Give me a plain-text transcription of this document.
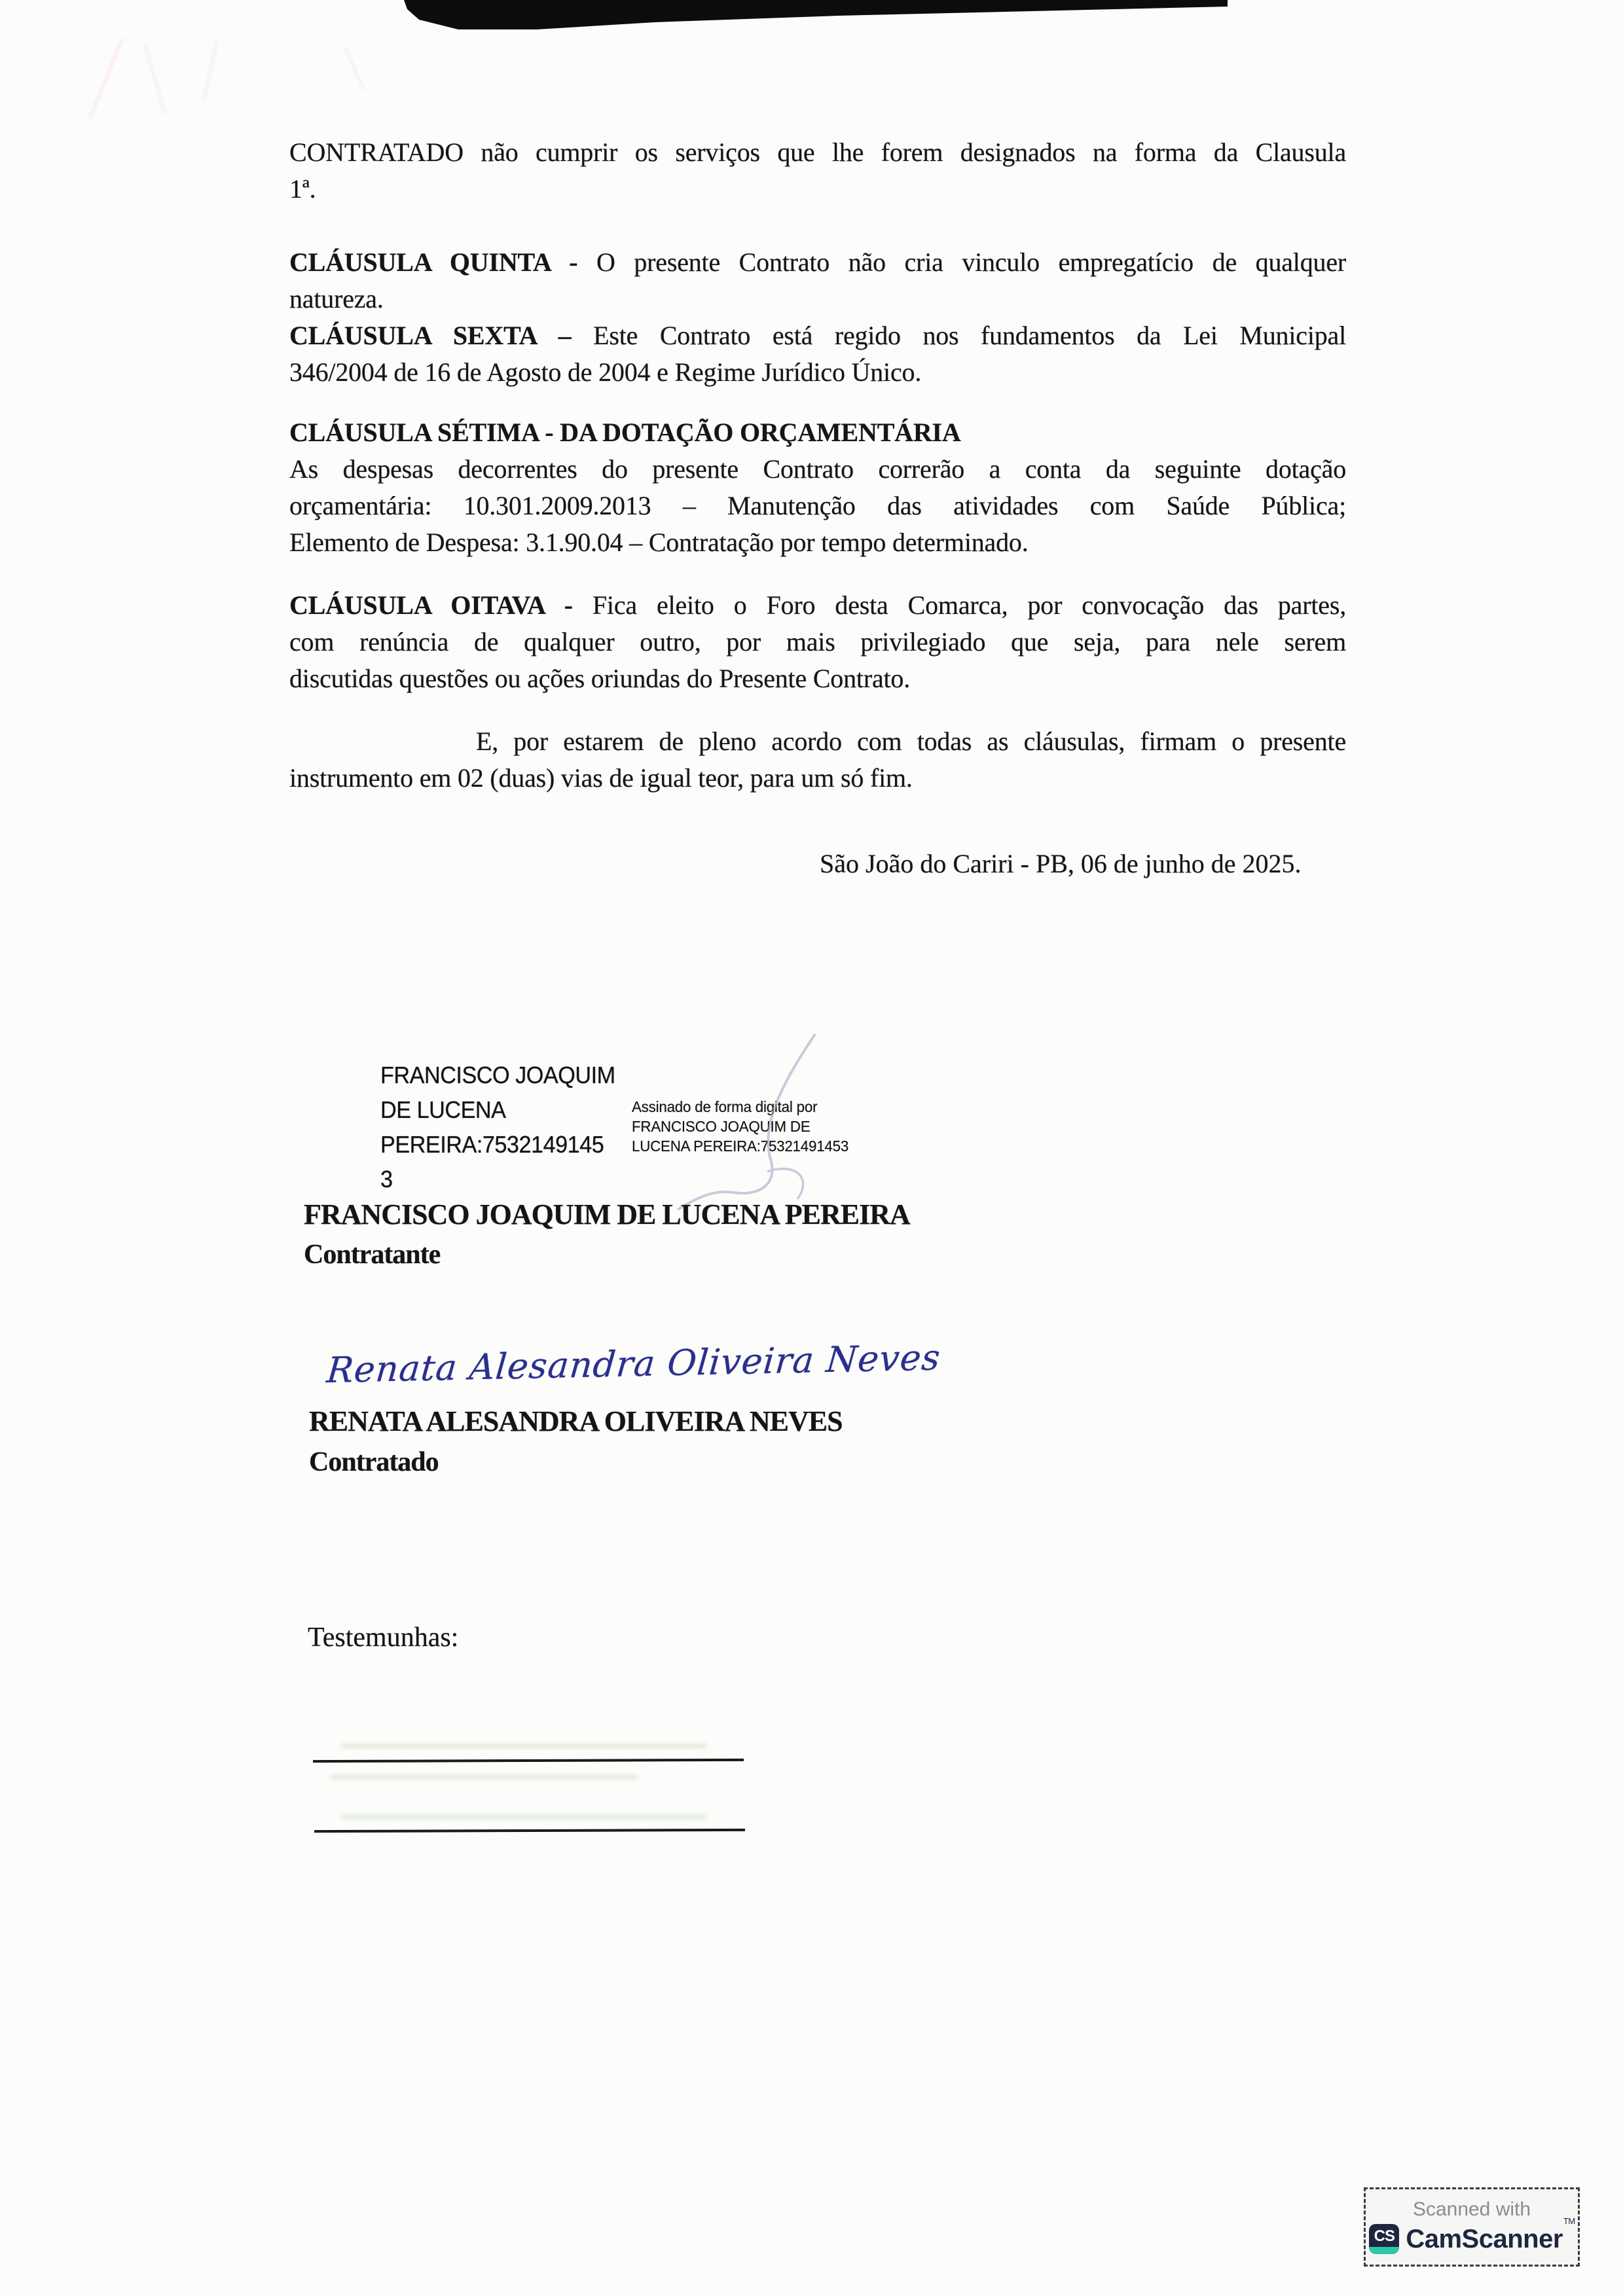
CONTRATADO não cumprir os serviços que lhe forem designados na forma da Clausula
1ª.
CLÁUSULA QUINTA - O presente Contrato não cria vinculo empregatício de qualquer
natureza.
CLÁUSULA SEXTA – Este Contrato está regido nos fundamentos da Lei Municipal
346/2004 de 16 de Agosto de 2004 e Regime Jurídico Único.
CLÁUSULA SÉTIMA - DA DOTAÇÃO ORÇAMENTÁRIA
As despesas decorrentes do presente Contrato correrão a conta da seguinte dotação
orçamentária: 10.301.2009.2013 – Manutenção das atividades com Saúde Pública;
Elemento de Despesa: 3.1.90.04 – Contratação por tempo determinado.
CLÁUSULA OITAVA - Fica eleito o Foro desta Comarca, por convocação das partes,
com renúncia de qualquer outro, por mais privilegiado que seja, para nele serem
discutidas questões ou ações oriundas do Presente Contrato.
E, por estarem de pleno acordo com todas as cláusulas, firmam o presente
instrumento em 02 (duas) vias de igual teor, para um só fim.
São João do Cariri - PB, 06 de junho de 2025.
FRANCISCO JOAQUIM
DE LUCENA
PEREIRA:7532149145
3
Assinado de forma digital por
FRANCISCO JOAQUIM DE
LUCENA PEREIRA:75321491453
FRANCISCO JOAQUIM DE LUCENA PEREIRA
Contratante
Renata Alesandra Oliveira Neves
RENATA ALESANDRA OLIVEIRA NEVES
Contratado
Testemunhas:
Scanned with
CS CamScanner™
